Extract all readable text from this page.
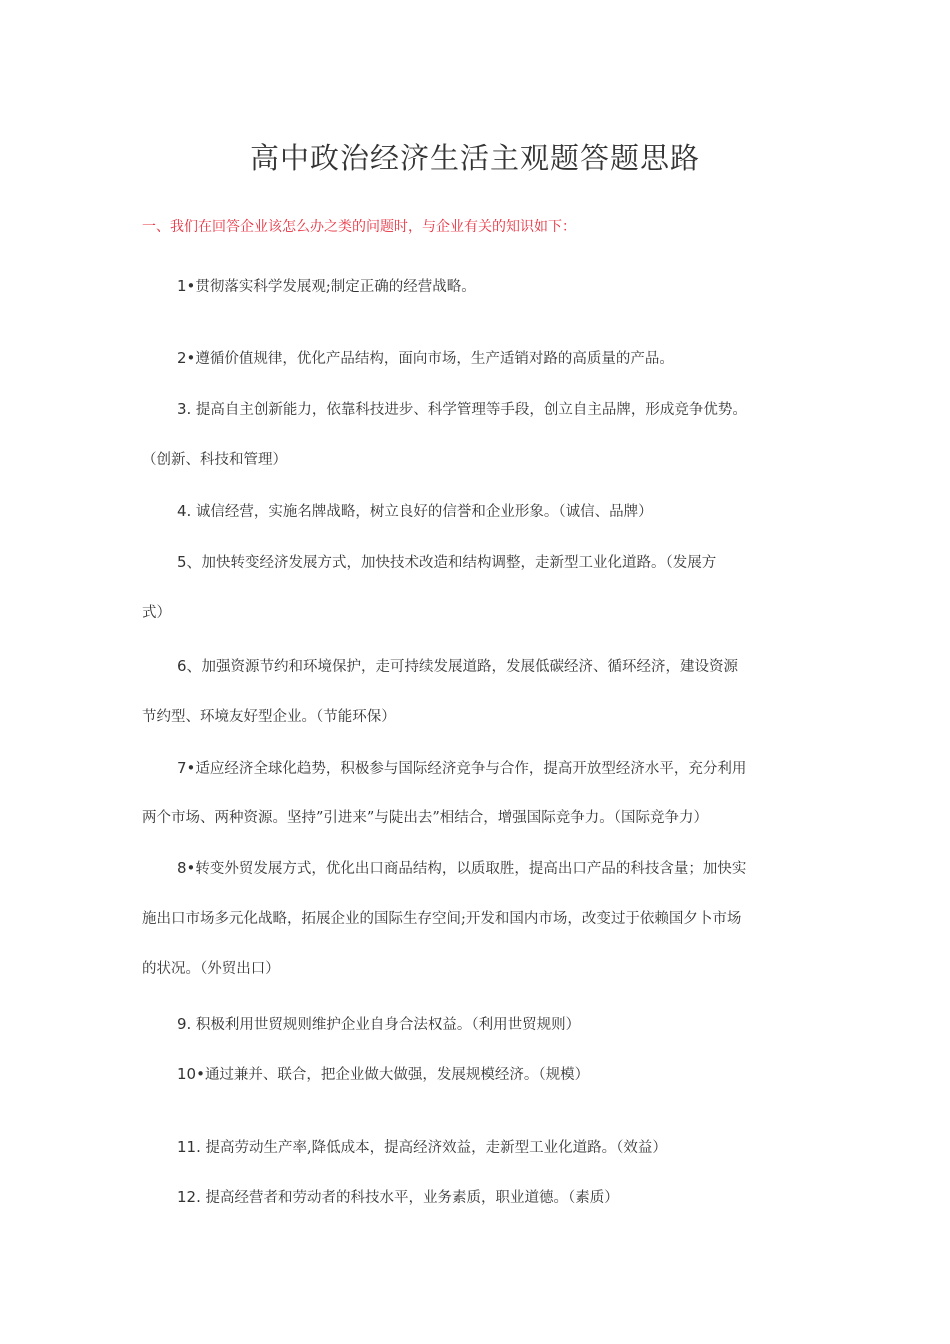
高中政治经济生活主观题答题思路
一、我们在回答企业该怎么办之类的问题时，与企业有关的知识如下：
1•贯彻落实科学发展观;制定正确的经营战略。
2•遵循价值规律，优化产品结构，面向市场，生产适销对路的高质量的产品。
3. 提高自主创新能力，依靠科技进步、科学管理等手段，创立自主品牌，形成竞争优势。
（创新、科技和管理）
4. 诚信经营，实施名牌战略，树立良好的信誉和企业形象。（诚信、品牌）
5、加快转变经济发展方式，加快技术改造和结构调整，走新型工业化道路。（发展方
式）
6、加强资源节约和环境保护，走可持续发展道路，发展低碳经济、循环经济，建设资源
节约型、环境友好型企业。（节能环保）
7•适应经济全球化趋势，积极参与国际经济竞争与合作，提高开放型经济水平，充分利用
两个市场、两种资源。坚持”引进来”与陡出去”相结合，增强国际竞争力。（国际竞争力）
8•转变外贸发展方式，优化出口商品结构，以质取胜，提高出口产品的科技含量；加快实
施出口市场多元化战略，拓展企业的国际生存空间;开发和国内市场，改变过于依赖国夕卜市场
的状况。（外贸出口）
9. 积极利用世贸规则维护企业自身合法权益。（利用世贸规则）
10•通过兼并、联合，把企业做大做强，发展规模经济。（规模）
11. 提高劳动生产率,降低成本，提高经济效益，走新型工业化道路。（效益）
12. 提高经营者和劳动者的科技水平，业务素质，职业道德。（素质）
